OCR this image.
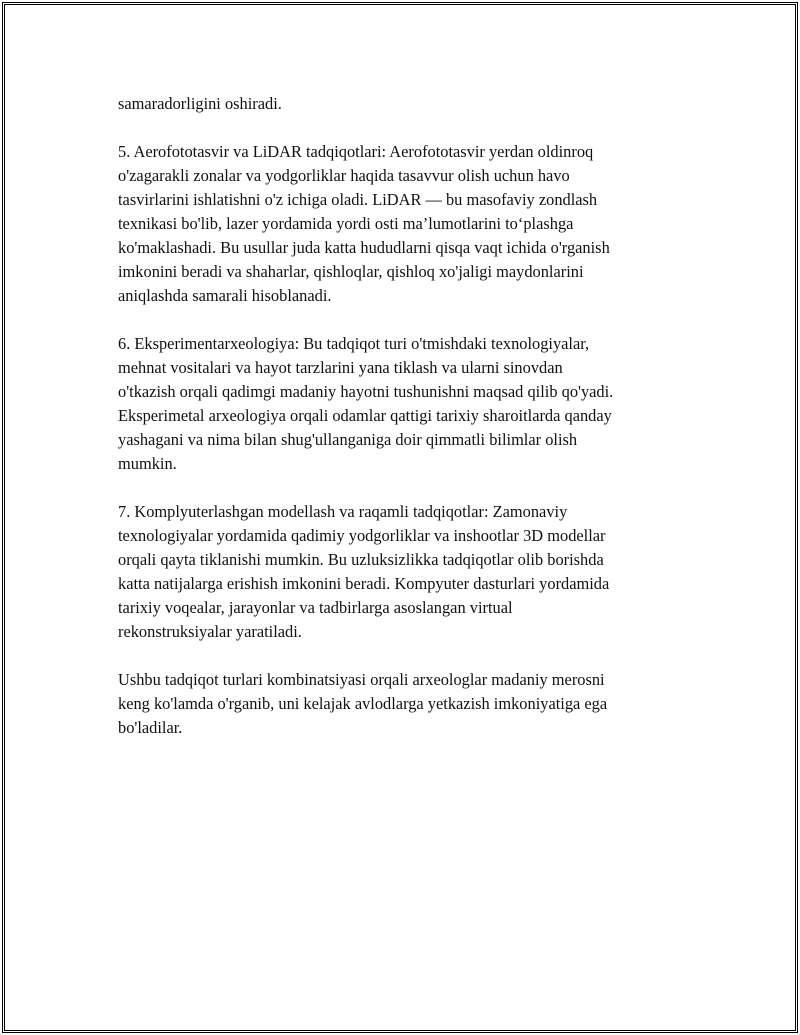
samaradorligini oshiradi.
5. Aerofototasvir va LiDAR tadqiqotlari: Aerofototasvir yerdan oldinroq
o'zagarakli zonalar va yodgorliklar haqida tasavvur olish uchun havo
tasvirlarini ishlatishni o'z ichiga oladi. LiDAR — bu masofaviy zondlash
texnikasi bo'lib, lazer yordamida yordi osti ma’lumotlarini to‘plashga
ko'maklashadi. Bu usullar juda katta hududlarni qisqa vaqt ichida o'rganish
imkonini beradi va shaharlar, qishloqlar, qishloq xo'jaligi maydonlarini
aniqlashda samarali hisoblanadi.
6. Eksperimentarxeologiya: Bu tadqiqot turi o'tmishdaki texnologiyalar,
mehnat vositalari va hayot tarzlarini yana tiklash va ularni sinovdan
o'tkazish orqali qadimgi madaniy hayotni tushunishni maqsad qilib qo'yadi.
Eksperimetal arxeologiya orqali odamlar qattigi tarixiy sharoitlarda qanday
yashagani va nima bilan shug'ullanganiga doir qimmatli bilimlar olish
mumkin.
7. Komplyuterlashgan modellash va raqamli tadqiqotlar: Zamonaviy
texnologiyalar yordamida qadimiy yodgorliklar va inshootlar 3D modellar
orqali qayta tiklanishi mumkin. Bu uzluksizlikka tadqiqotlar olib borishda
katta natijalarga erishish imkonini beradi. Kompyuter dasturlari yordamida
tarixiy voqealar, jarayonlar va tadbirlarga asoslangan virtual
rekonstruksiyalar yaratiladi.
Ushbu tadqiqot turlari kombinatsiyasi orqali arxeologlar madaniy merosni
keng ko'lamda o'rganib, uni kelajak avlodlarga yetkazish imkoniyatiga ega
bo'ladilar.
